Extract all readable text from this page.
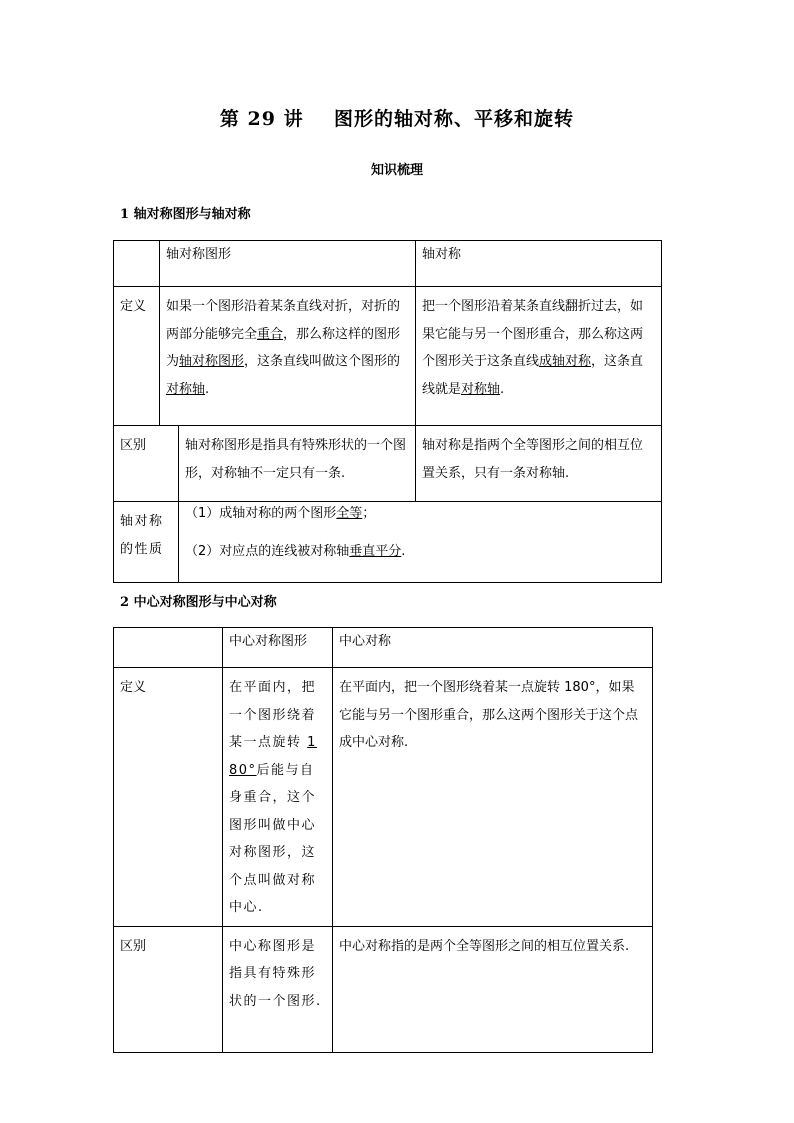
第 29 讲    图形的轴对称、平移和旋转
知识梳理
1 轴对称图形与轴对称
	轴对称图形		轴对称
定义	如果一个图形沿着某条直线对折，对折的两部分能够完全重合，那么称这样的图形为轴对称图形，这条直线叫做这个图形的对称轴.		把一个图形沿着某条直线翻折过去，如果它能与另一个图形重合，那么称这两个图形关于这条直线成轴对称，这条直线就是对称轴.
区别		轴对称图形是指具有特殊形状的一个图形，对称轴不一定只有一条.	轴对称是指两个全等图形之间的相互位置关系，只有一条对称轴.
轴对称的性质		（1）成轴对称的两个图形全等；
（2）对应点的连线被对称轴垂直平分.	
2 中心对称图形与中心对称
	中心对称图形	中心对称
定义	在平面内，把一个图形绕着某一点旋转 180°后能与自身重合，这个图形叫做中心对称图形，这个点叫做对称中心.	在平面内，把一个图形绕着某一点旋转 180°，如果它能与另一个图形重合，那么这两个图形关于这个点成中心对称.
区别	中心称图形是指具有特殊形状的一个图形.	中心对称指的是两个全等图形之间的相互位置关系.
